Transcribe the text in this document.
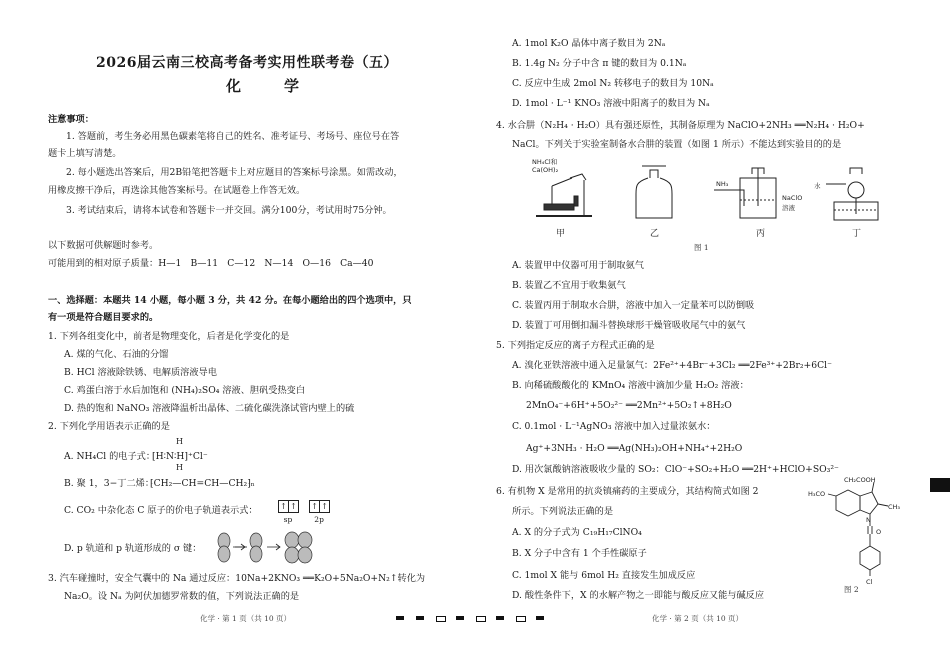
2026届云南三校高考备考实用性联考卷（五）
化　学
注意事项：
1. 答题前，考生务必用黑色碳素笔将自己的姓名、准考证号、考场号、座位号在答
题卡上填写清楚。
2. 每小题选出答案后，用2B铅笔把答题卡上对应题目的答案标号涂黑。如需改动，
用橡皮擦干净后，再选涂其他答案标号。在试题卷上作答无效。
3. 考试结束后，请将本试卷和答题卡一并交回。满分100分，考试用时75分钟。
以下数据可供解题时参考。
可能用到的相对原子质量：H—1　B—11　C—12　N—14　O—16　Ca—40
一、选择题：本题共 14 小题，每小题 3 分，共 42 分。在每小题给出的四个选项中，只
有一项是符合题目要求的。
1. 下列各组变化中，前者是物理变化，后者是化学变化的是
A. 煤的气化、石油的分馏
B. HCl 溶液除铁锈、电解质溶液导电
C. 鸡蛋白溶于水后加饱和 (NH₄)₂SO₄ 溶液、胆矾受热变白
D. 热的饱和 NaNO₃ 溶液降温析出晶体、二硫化碳洗涤试管内壁上的硫
2. 下列化学用语表示正确的是
A. NH₄Cl 的电子式：
H
[H∶N∶H]⁺Cl⁻
H
B. 聚 1，3−丁二烯：
⁅CH₂—CH=CH—CH₂⁆ₙ
C. CO₂ 中杂化态 C 原子的价电子轨道表示式：	↑ ↑
sp

↑ ↑
2p
D. p 轨道和 p 轨道形成的 σ 键：
3. 汽车碰撞时，安全气囊中的 Na 通过反应：10Na+2KNO₃ ══K₂O+5Na₂O+N₂↑转化为
Na₂O。设 Nₐ 为阿伏加德罗常数的值，下列说法正确的是
化学 · 第 1 页（共 10 页）
A. 1mol K₂O 晶体中离子数目为 2Nₐ
B. 1.4g N₂ 分子中含 π 键的数目为 0.1Nₐ
C. 反应中生成 2mol N₂ 转移电子的数目为 10Nₐ
D. 1mol · L⁻¹ KNO₃ 溶液中阳离子的数目为 Nₐ
4. 水合肼（N₂H₄ · H₂O）具有强还原性，其制备原理为 NaClO+2NH₃ ══N₂H₄ · H₂O+
NaCl。下列关于实验室制备水合肼的装置（如图 1 所示）不能达到实验目的的是
NH₄Cl和
Ca(OH)₂
NH₃
NaClO
溶液
水
甲	乙	丙	丁
图 1
A. 装置甲中仪器可用于制取氨气
B. 装置乙不宜用于收集氨气
C. 装置丙用于制取水合肼，溶液中加入一定量苯可以防倒吸
D. 装置丁可用倒扣漏斗替换球形干燥管吸收尾气中的氨气
5. 下列指定反应的离子方程式正确的是
A. 溴化亚铁溶液中通入足量氯气：2Fe²⁺+4Br⁻+3Cl₂ ══2Fe³⁺+2Br₂+6Cl⁻
B. 向稀硫酸酸化的 KMnO₄ 溶液中滴加少量 H₂O₂ 溶液：
2MnO₄⁻+6H⁺+5O₂²⁻ ══2Mn²⁺+5O₂↑+8H₂O
C. 0.1mol · L⁻¹AgNO₃ 溶液中加入过量浓氨水：
Ag⁺+3NH₃ · H₂O ══Ag(NH₃)₂OH+NH₄⁺+2H₂O
D. 用次氯酸钠溶液吸收少量的 SO₂：ClO⁻+SO₂+H₂O ══2H⁺+HClO+SO₃²⁻
6. 有机物 X 是常用的抗炎镇痛药的主要成分，其结构简式如图 2
所示。下列说法正确的是
A. X 的分子式为 C₁₉H₁₇ClNO₄
B. X 分子中含有 1 个手性碳原子
C. 1mol X 能与 6mol H₂ 直接发生加成反应
D. 酸性条件下，X 的水解产物之一即能与酸反应又能与碱反应
CH₂COOH
H₃CO
CH₃
N
O
Cl
图 2
化学 · 第 2 页（共 10 页）
